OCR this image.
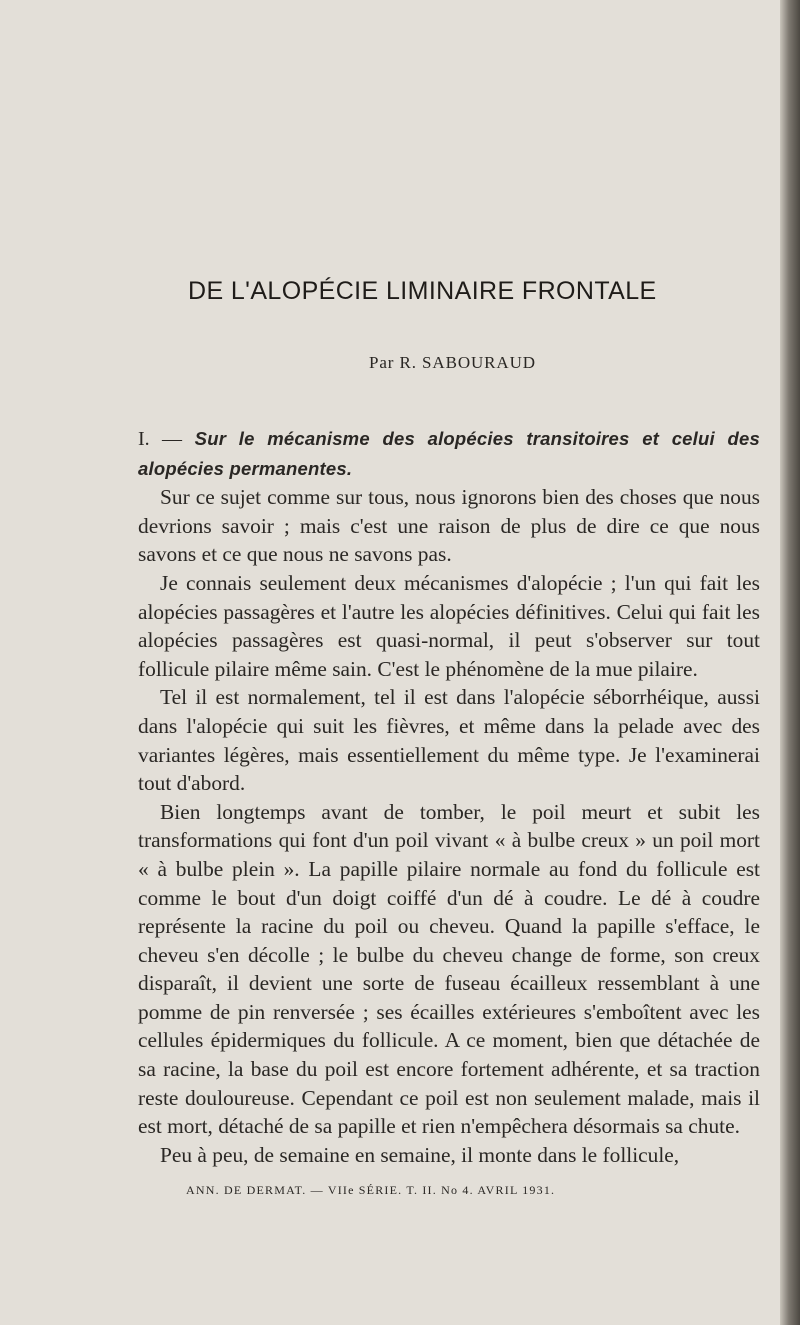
DE L'ALOPÉCIE LIMINAIRE FRONTALE
Par R. SABOURAUD

I. — Sur le mécanisme des alopécies transitoires et celui des alopécies permanentes.

Sur ce sujet comme sur tous, nous ignorons bien des choses que nous devrions savoir ; mais c'est une raison de plus de dire ce que nous savons et ce que nous ne savons pas.

Je connais seulement deux mécanismes d'alopécie ; l'un qui fait les alopécies passagères et l'autre les alopécies définitives. Celui qui fait les alopécies passagères est quasi-normal, il peut s'observer sur tout follicule pilaire même sain. C'est le phénomène de la mue pilaire.

Tel il est normalement, tel il est dans l'alopécie séborrhéique, aussi dans l'alopécie qui suit les fièvres, et même dans la pelade avec des variantes légères, mais essentiellement du même type. Je l'examinerai tout d'abord.

Bien longtemps avant de tomber, le poil meurt et subit les transformations qui font d'un poil vivant « à bulbe creux » un poil mort « à bulbe plein ». La papille pilaire normale au fond du follicule est comme le bout d'un doigt coiffé d'un dé à coudre. Le dé à coudre représente la racine du poil ou cheveu. Quand la papille s'efface, le cheveu s'en décolle ; le bulbe du cheveu change de forme, son creux disparaît, il devient une sorte de fuseau écailleux ressemblant à une pomme de pin renversée ; ses écailles extérieures s'emboîtent avec les cellules épidermiques du follicule. A ce moment, bien que détachée de sa racine, la base du poil est encore fortement adhérente, et sa traction reste douloureuse. Cependant ce poil est non seulement malade, mais il est mort, détaché de sa papille et rien n'empêchera désormais sa chute.

Peu à peu, de semaine en semaine, il monte dans le follicule,

ANN. DE DERMAT. — VIIe SÉRIE. T. II. No 4. AVRIL 1931.
